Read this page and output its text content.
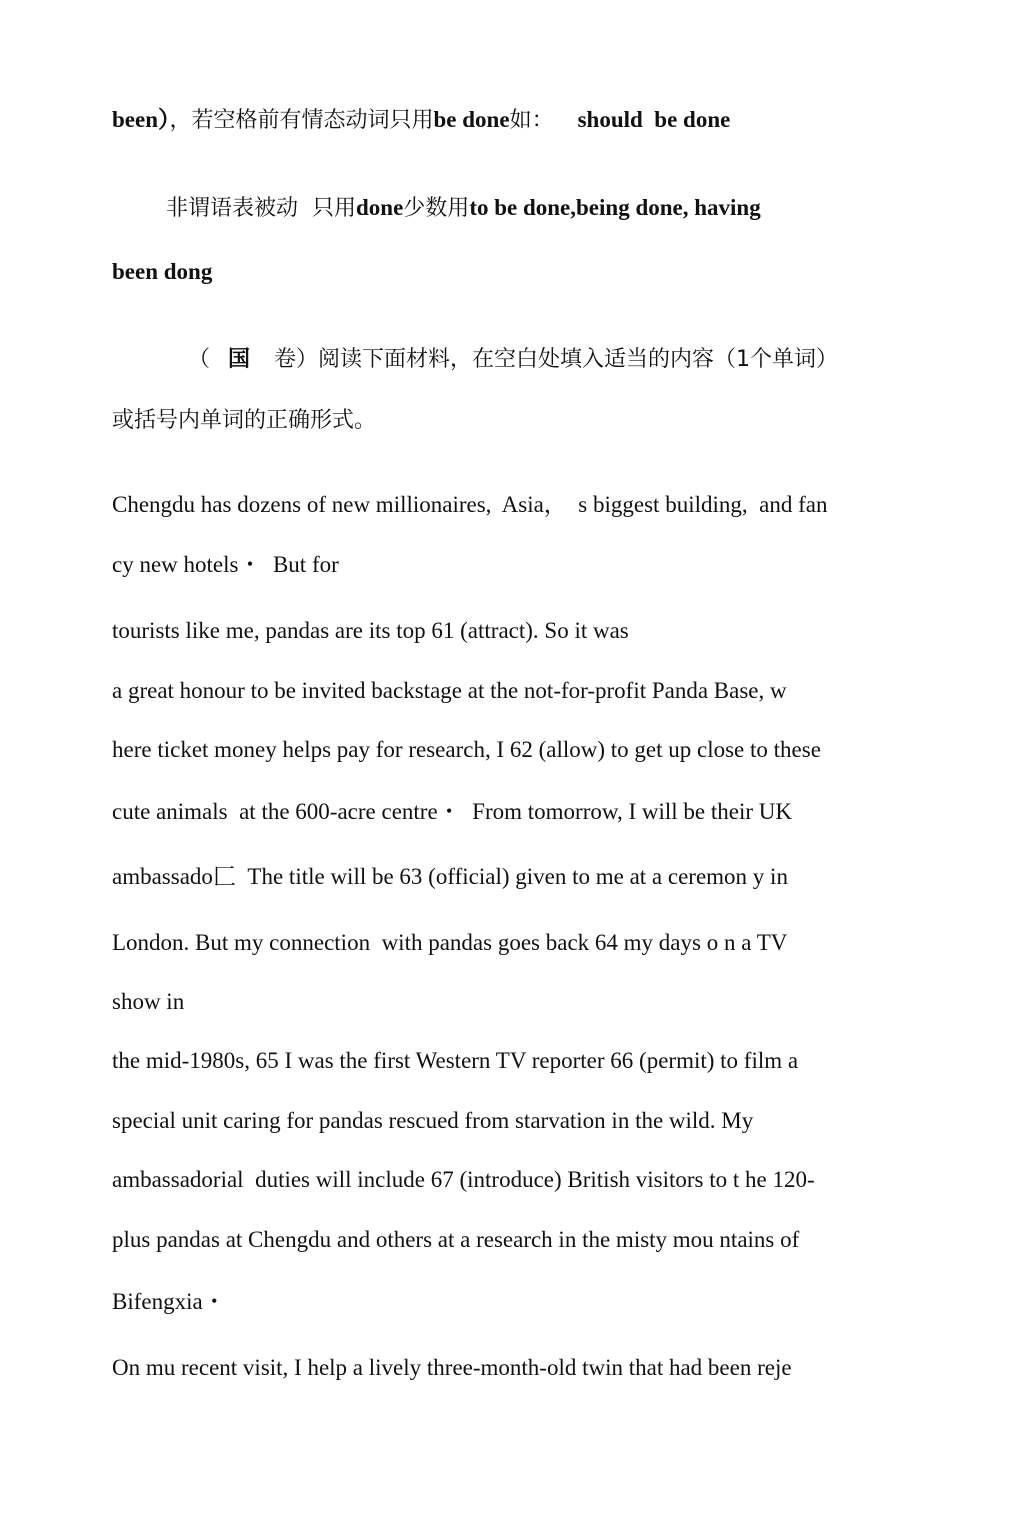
been），若空格前有情态动词只用be done如： should  be done
非谓语表被动  只用done少数用to be done,being done, having
been dong
（ 国 卷）阅读下面材料，在空白处填入适当的内容（1个单词）
或括号内单词的正确形式。
Chengdu has dozens of new millionaires,  Asia，  s biggest building,  and fan
cy new hotels・  But for
tourists like me, pandas are its top 61 (attract). So it was
a great honour to be invited backstage at the not-for-profit Panda Base, w
here ticket money helps pay for research, I 62 (allow) to get up close to these
cute animals  at the 600-acre centre・  From tomorrow, I will be their UK
ambassado匚  The title will be 63 (official) given to me at a ceremon y in
London. But my connection  with pandas goes back 64 my days o n a TV
show in
the mid-1980s, 65 I was the first Western TV reporter 66 (permit) to film a
special unit caring for pandas rescued from starvation in the wild. My
ambassadorial  duties will include 67 (introduce) British visitors to t he 120-
plus pandas at Chengdu and others at a research in the misty mou ntains of
Bifengxia・
On mu recent visit, I help a lively three-month-old twin that had been reje
